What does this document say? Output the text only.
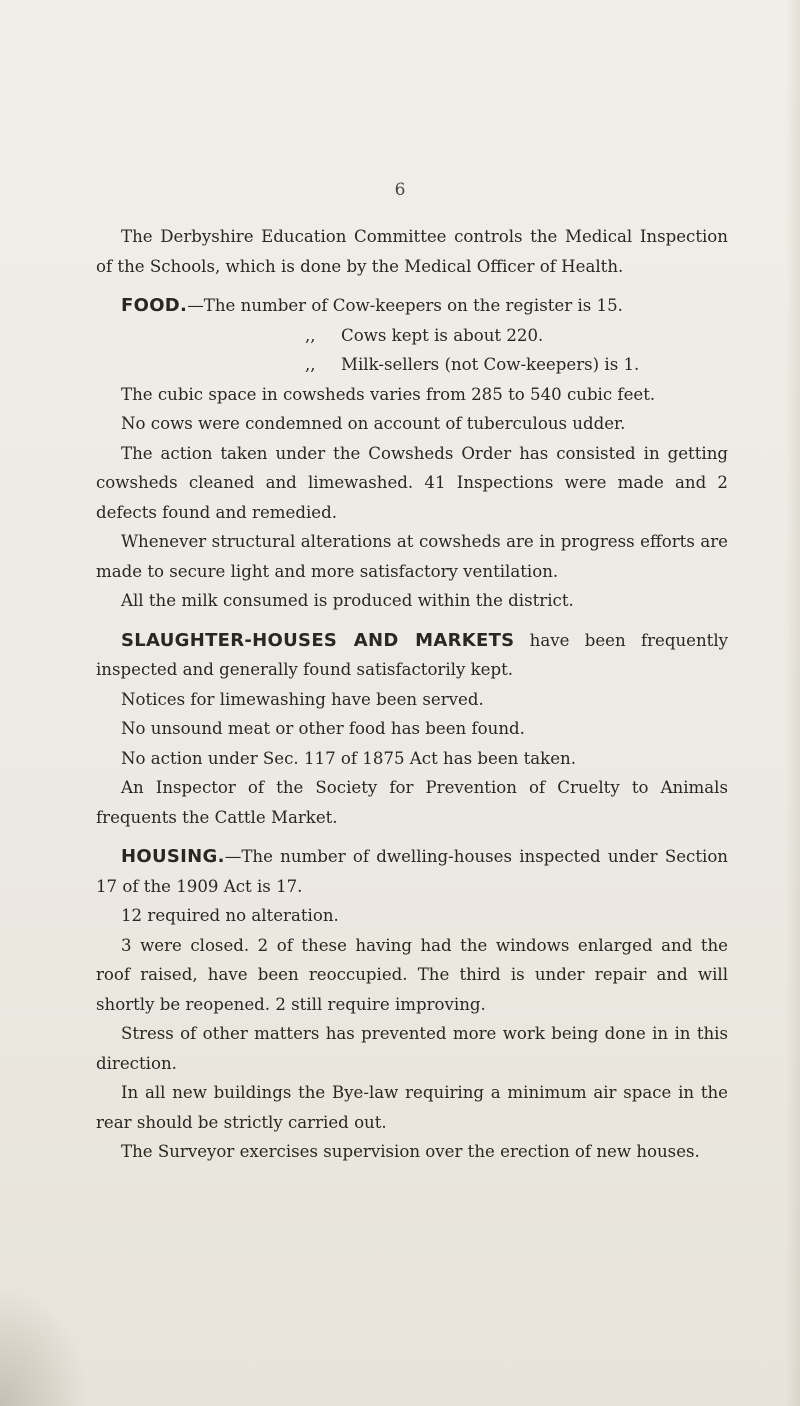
6

The Derbyshire Education Committee controls the Medical Inspection of the Schools, which is done by the Medical Officer of Health.

FOOD.—The number of Cow-keepers on the register is 15.

,, Cows kept is about 220.

,, Milk-sellers (not Cow-keepers) is 1.

The cubic space in cowsheds varies from 285 to 540 cubic feet.

No cows were condemned on account of tuberculous udder.

The action taken under the Cowsheds Order has consisted in getting cowsheds cleaned and limewashed. 41 Inspections were made and 2 defects found and remedied.

Whenever structural alterations at cowsheds are in progress efforts are made to secure light and more satisfactory ventilation.

All the milk consumed is produced within the district.

SLAUGHTER-HOUSES AND MARKETS have been frequently inspected and generally found satisfactorily kept.

Notices for limewashing have been served.

No unsound meat or other food has been found.

No action under Sec. 117 of 1875 Act has been taken.

An Inspector of the Society for Prevention of Cruelty to Animals frequents the Cattle Market.

HOUSING.—The number of dwelling-houses inspected under Section 17 of the 1909 Act is 17.

12 required no alteration.

3 were closed. 2 of these having had the windows enlarged and the roof raised, have been reoccupied. The third is under repair and will shortly be reopened. 2 still require improving.

Stress of other matters has prevented more work being done in in this direction.

In all new buildings the Bye-law requiring a minimum air space in the rear should be strictly carried out.

The Surveyor exercises supervision over the erection of new houses.
